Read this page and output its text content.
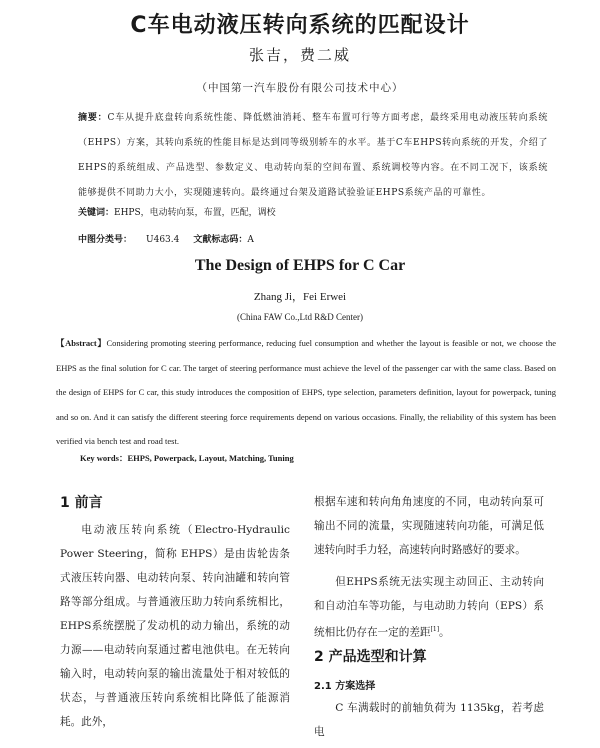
C车电动液压转向系统的匹配设计
张吉，费二威
（中国第一汽车股份有限公司技术中心）
摘要：C车从提升底盘转向系统性能、降低燃油消耗、整车布置可行等方面考虑，最终采用电动液压转向系统（EHPS）方案，其转向系统的性能目标是达到同等级别轿车的水平。基于C车EHPS转向系统的开发，介绍了EHPS的系统组成、产品选型、参数定义、电动转向泵的空间布置、系统调校等内容。在不同工况下，该系统能够提供不同助力大小，实现随速转向。最终通过台架及道路试验验证EHPS系统产品的可靠性。
关键词：EHPS，电动转向泵，布置，匹配，调校
中图分类号： U463.4 文献标志码：A
The Design of EHPS for C Car
Zhang Ji，Fei Erwei
(China FAW Co.,Ltd R&D Center)
【Abstract】Considering promoting steering performance, reducing fuel consumption and whether the layout is feasible or not, we choose the EHPS as the final solution for C car. The target of steering performance must achieve the level of the passenger car with the same class. Based on the design of EHPS for C car, this study introduces the composition of EHPS, type selection, parameters definition, layout for powerpack, tuning and so on. And it can satisfy the different steering force requirements depend on various occasions. Finally, the reliability of this system has been verified via bench test and road test.
Key words：EHPS, Powerpack, Layout, Matching, Tuning
1 前言

电动液压转向系统（Electro-Hydraulic Power Steering，简称 EHPS）是由齿轮齿条式液压转向器、电动转向泵、转向油罐和转向管路等部分组成。与普通液压助力转向系统相比，EHPS系统摆脱了发动机的动力输出，系统的动力源——电动转向泵通过蓄电池供电。在无转向输入时，电动转向泵的输出流量处于相对较低的状态，与普通液压转向系统相比降低了能源消耗。此外，

根据车速和转向角角速度的不同，电动转向泵可输出不同的流量，实现随速转向功能，可满足低速转向时手力轻，高速转向时路感好的要求。

但EHPS系统无法实现主动回正、主动转向和自动泊车等功能，与电动助力转向（EPS）系统相比仍存在一定的差距[1]。

2 产品选型和计算
2.1 方案选择

C 车满载时的前轴负荷为 1135kg，若考虑电
